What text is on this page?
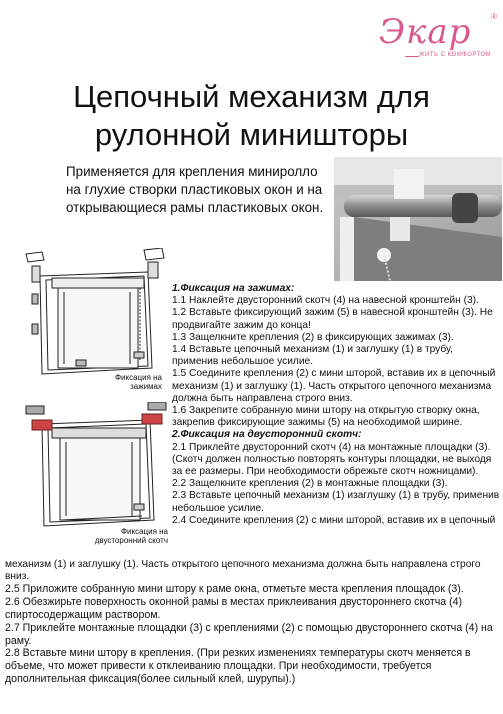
Экар ®
ЖИТЬ С КОМФОРТОМ
Цепочный механизм для
рулонной миништоры
Применяется для крепления миниролло на глухие створки пластиковых окон и на открывающиеся рамы пластиковых окон.
Фиксация на зажимах
Фиксация на двусторонний скотч

1.Фиксация на зажимах:

1.1 Наклейте двусторонний скотч (4) на навесной кронштейн (3).

1.2 Вставьте фиксирующий зажим (5) в навесной кронштейн (3). Не продвигайте зажим до конца!

1.3 Защелкните крепления (2) в фиксирующих зажимах (3).

1.4 Вставьте цепочный механизм (1) и заглушку (1) в трубу, применив небольшое усилие.

1.5 Соедините крепления (2) с мини шторой, вставив их в цепочный механизм (1) и заглушку (1). Часть открытого цепочного механизма должна быть направлена строго вниз.

1.6 Закрепите собранную мини штору на открытую створку окна, закрепив фиксирующие зажимы (5) на необходимой ширине.

2.Фиксация на двусторонний скотч:

2.1 Приклейте двусторонний скотч (4) на монтажные площадки (3). (Скотч должен полностью повторять контуры площадки, не выходя за ее размеры. При необходимости обрежьте скотч ножницами).

2.2 Защелкните крепления (2) в монтажные площадки (3).

2.3 Вставьте цепочный механизм (1) изаглушку (1) в трубу, применив небольшое усилие.

2.4 Соедините крепления (2) с мини шторой, вставив их в цепочный

механизм (1) и заглушку (1). Часть открытого цепочного механизма должна быть направлена строго вниз.

2.5 Приложите собранную мини штору к раме окна, отметьте места крепления площадок (3).

2.6 Обезжирьте поверхность оконной рамы в местах приклеивания двустороннего скотча (4) спиртосодержащим раствором.

2.7 Приклейте монтажные площадки (3) с креплениями (2) с помощью двустороннего скотча (4) на раму.

2.8 Вставьте мини штору в крепления. (При резких изменениях температуры скотч меняется в объеме, что может привести к отклеиванию площадки. При необходимости, требуется дополнительная фиксация(более сильный клей, шурупы).)
